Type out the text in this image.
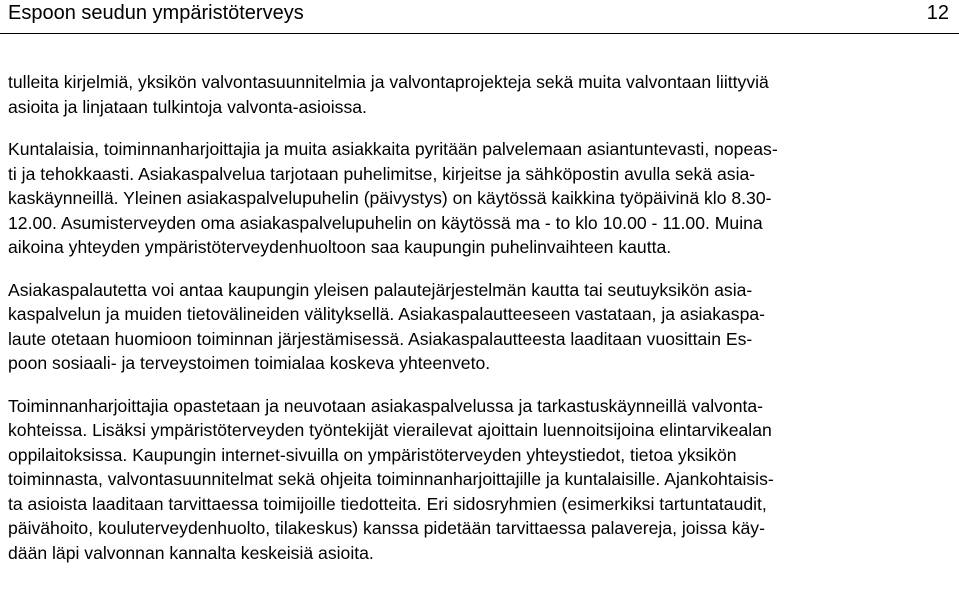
Espoon seudun ympäristöterveys	12

tulleita kirjelmiä, yksikön valvontasuunnitelmia ja valvontaprojekteja sekä muita valvontaan liittyviä
asioita ja linjataan tulkintoja valvonta-asioissa.

Kuntalaisia, toiminnanharjoittajia ja muita asiakkaita pyritään palvelemaan asiantuntevasti, nopeas-
ti ja tehokkaasti. Asiakaspalvelua tarjotaan puhelimitse, kirjeitse ja sähköpostin avulla sekä asia-
kaskäynneillä. Yleinen asiakaspalvelupuhelin (päivystys) on käytössä kaikkina työpäivinä klo 8.30-
12.00. Asumisterveyden oma asiakaspalvelupuhelin on käytössä ma - to klo 10.00 - 11.00. Muina
aikoina yhteyden ympäristöterveydenhuoltoon saa kaupungin puhelinvaihteen kautta.

Asiakaspalautetta voi antaa kaupungin yleisen palautejärjestelmän kautta tai seutuyksikön asia-
kaspalvelun ja muiden tietovälineiden välityksellä. Asiakaspalautteeseen vastataan, ja asiakaspa-
laute otetaan huomioon toiminnan järjestämisessä. Asiakaspalautteesta laaditaan vuosittain Es-
poon sosiaali- ja terveystoimen toimialaa koskeva yhteenveto.

Toiminnanharjoittajia opastetaan ja neuvotaan asiakaspalvelussa ja tarkastuskäynneillä valvonta-
kohteissa. Lisäksi ympäristöterveyden työntekijät vierailevat ajoittain luennoitsijoina elintarvikealan
oppilaitoksissa. Kaupungin internet-sivuilla on ympäristöterveyden yhteystiedot, tietoa yksikön
toiminnasta, valvontasuunnitelmat sekä ohjeita toiminnanharjoittajille ja kuntalaisille. Ajankohtaisis-
ta asioista laaditaan tarvittaessa toimijoille tiedotteita. Eri sidosryhmien (esimerkiksi tartuntataudit,
päivähoito, kouluterveydenhuolto, tilakeskus) kanssa pidetään tarvittaessa palavereja, joissa käy-
dään läpi valvonnan kannalta keskeisiä asioita.
